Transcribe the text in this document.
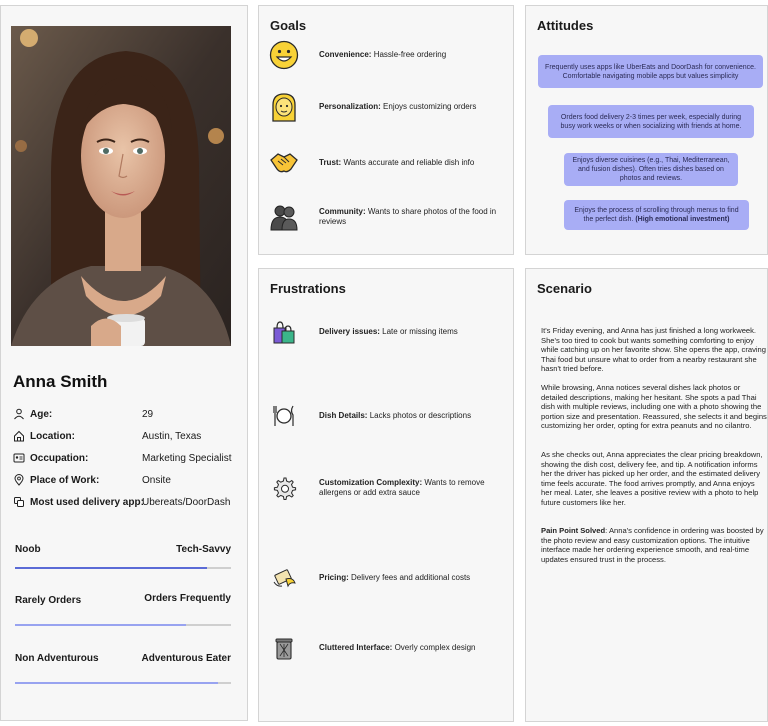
Anna Smith
Age:	29
Location:	Austin, Texas
Occupation:	Marketing Specialist
Place of Work:	Onsite
Most used delivery app:
Ubereats/DoorDash
Noob	Tech-Savvy
Rarely Orders	Orders Frequently
Non Adventurous	Adventurous Eater
Goals
Convenience: Hassle-free ordering
Personalization: Enjoys customizing orders
Trust: Wants accurate and reliable dish info
Community: Wants to share photos of the food in reviews
Attitudes
Frequently uses apps like UberEats and DoorDash for convenience. Comfortable navigating mobile apps but values simplicity
Orders food delivery 2-3 times per week, especially during busy work weeks or when socializing with friends at home.
Enjoys diverse cuisines (e.g., Thai, Mediterranean, and fusion dishes). Often tries dishes based on photos and reviews.
Enjoys the process of scrolling through menus to find the perfect dish. (High emotional investment)
Frustrations
Delivery issues: Late or missing items
Dish Details: Lacks photos or descriptions
Customization Complexity: Wants to remove allergens or add extra sauce
Pricing: Delivery fees and additional costs
Cluttered Interface: Overly complex design
Scenario
It's Friday evening, and Anna has just finished a long workweek. She's too tired to cook but wants something comforting to enjoy while catching up on her favorite show. She opens the app, craving Thai food but unsure what to order from a nearby restaurant she hasn't tried before.
While browsing, Anna notices several dishes lack photos or detailed descriptions, making her hesitant. She spots a pad Thai dish with multiple reviews, including one with a photo showing the portion size and presentation. Reassured, she selects it and begins customizing her order, opting for extra peanuts and no cilantro.
As she checks out, Anna appreciates the clear pricing breakdown, showing the dish cost, delivery fee, and tip. A notification informs her the driver has picked up her order, and the estimated delivery time feels accurate. The food arrives promptly, and Anna enjoys her meal. Later, she leaves a positive review with a photo to help future customers like her.
Pain Point Solved: Anna's confidence in ordering was boosted by the photo review and easy customization options. The intuitive interface made her ordering experience smooth, and real-time updates ensured trust in the process.
